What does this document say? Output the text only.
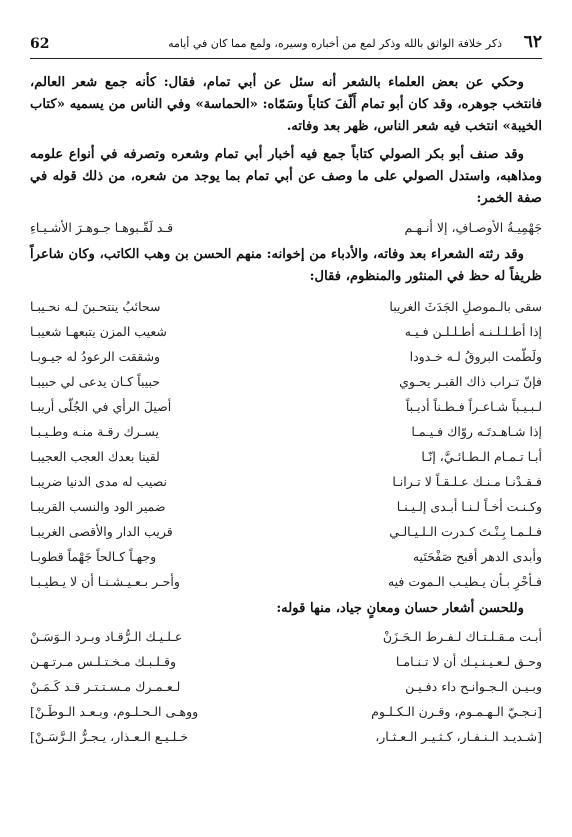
٦٢
ذكر خلافة الواثق بالله وذكر لمع من أخباره وسيره، ولمع مما كان في أيامه
62

وحكي عن بعض العلماء بالشعر أنه سئل عن أبي تمام، فقال: كأنه جمع شعر العالم، فانتخب جوهره، وقد كان أبو تمام أَلّفَ كتاباً وسَمّاه: «الحماسة» وفي الناس من يسميه «كتاب الخيبة» انتخب فيه شعر الناس، ظهر بعد وفاته.

وقد صنف أبو بكر الصولي كتاباً جمع فيه أخبار أبي تمام وشعره وتصرفه في أنواع علومه ومذاهبه، واستدل الصولي على ما وصف عن أبي تمام بما يوجد من شعره، من ذلك قوله في صفة الخمر:

جَهْمِيـةُ الأوصـافِ، إلا أنـهـم
قـد لَقّـبوهـا جـوهـرَ الأشـيـاءِ

وقد رثته الشعراء بعد وفاته، والأدباء من إخوانه: منهم الحسن بن وهب الكاتب، وكان شاعراً ظريفاً له حظ في المنثور والمنظوم، فقال:

سقى بالـموصلِ الجَدَثَ الغريبا
سحائبُ ينتحـبنَ لـه نحـيبـا
إذا أطـلـلـنـه أطـلـلـن فـيـه
شعيب المزن يتبعهـا شعيبـا
ولَطّمت البروقُ لـه خـدودا
وشققت الرعودُ له جيـوبـا
فإنّ تـراب ذاك القبـر يحـوي
حبيباً كـان يدعى لي حبيبـا
لـبـيـباً شـاعـراً فـطـناً أديـباً
أصيلَ الرأي في الجُلّى أريبـا
إذا شـاهـدتَـه روّاك فـيـمـا
يسـرك رقـة منـه وطـيـبـا
أبـا تـمـام الـطـائـيَّ، إنّـا
لقينا بعدك العجب العجيبـا
فـقـدْنـا مـنـك عـلـقـاً لا تـرانـا
نصيب له مدى الدنيا ضريبـا
وكـنـت أخـاً لـنـا أبـدى إلـيـنـا
ضمير الود والنسب القريبـا
فـلـمـا بِـنْـتَ كـدرت الـلـيـالـي
قريب الدار والأقصى الغريبـا
وأبدى الدهر أقبح صَفْحَتَيه
وجهـاً كـالحاً جَهْماً قطوبـا
فـأحْرِ بـأن يـطيـب الـموت فيه
وأحـر بـعـيـشـنـا أن لا يـطيـبـا
وللحسن أشعار حسان ومعانٍ جياد، منها قوله:
أبـت مـقـلـتـاك لـفـرط الـحَـزَنْ
عـلـيـك الـرُّقـاد وبـرد الـوَسَـنْ
وحـق لـعـيـنـيـك أن لا تـنـامـا
وقـلـبـك مـخـتـلـس مـرتـهـن
وبـيـن الـجـوانـح داء دفـيـن
لـعـمـرك مـسـتـتـر قـد كَـمَـنْ
[نـجـيّ الـهـمـوم، وقـرن الـكـلـوم
ووهـى الـحـلـوم، وبـعـد الـوطَـنْ]
[شـديـد الـنـفـار، كـثـيـر الـعـثـار،
خـلـيـع الـعـذار، يـجـرُّ الـرَّسَـنْ]
